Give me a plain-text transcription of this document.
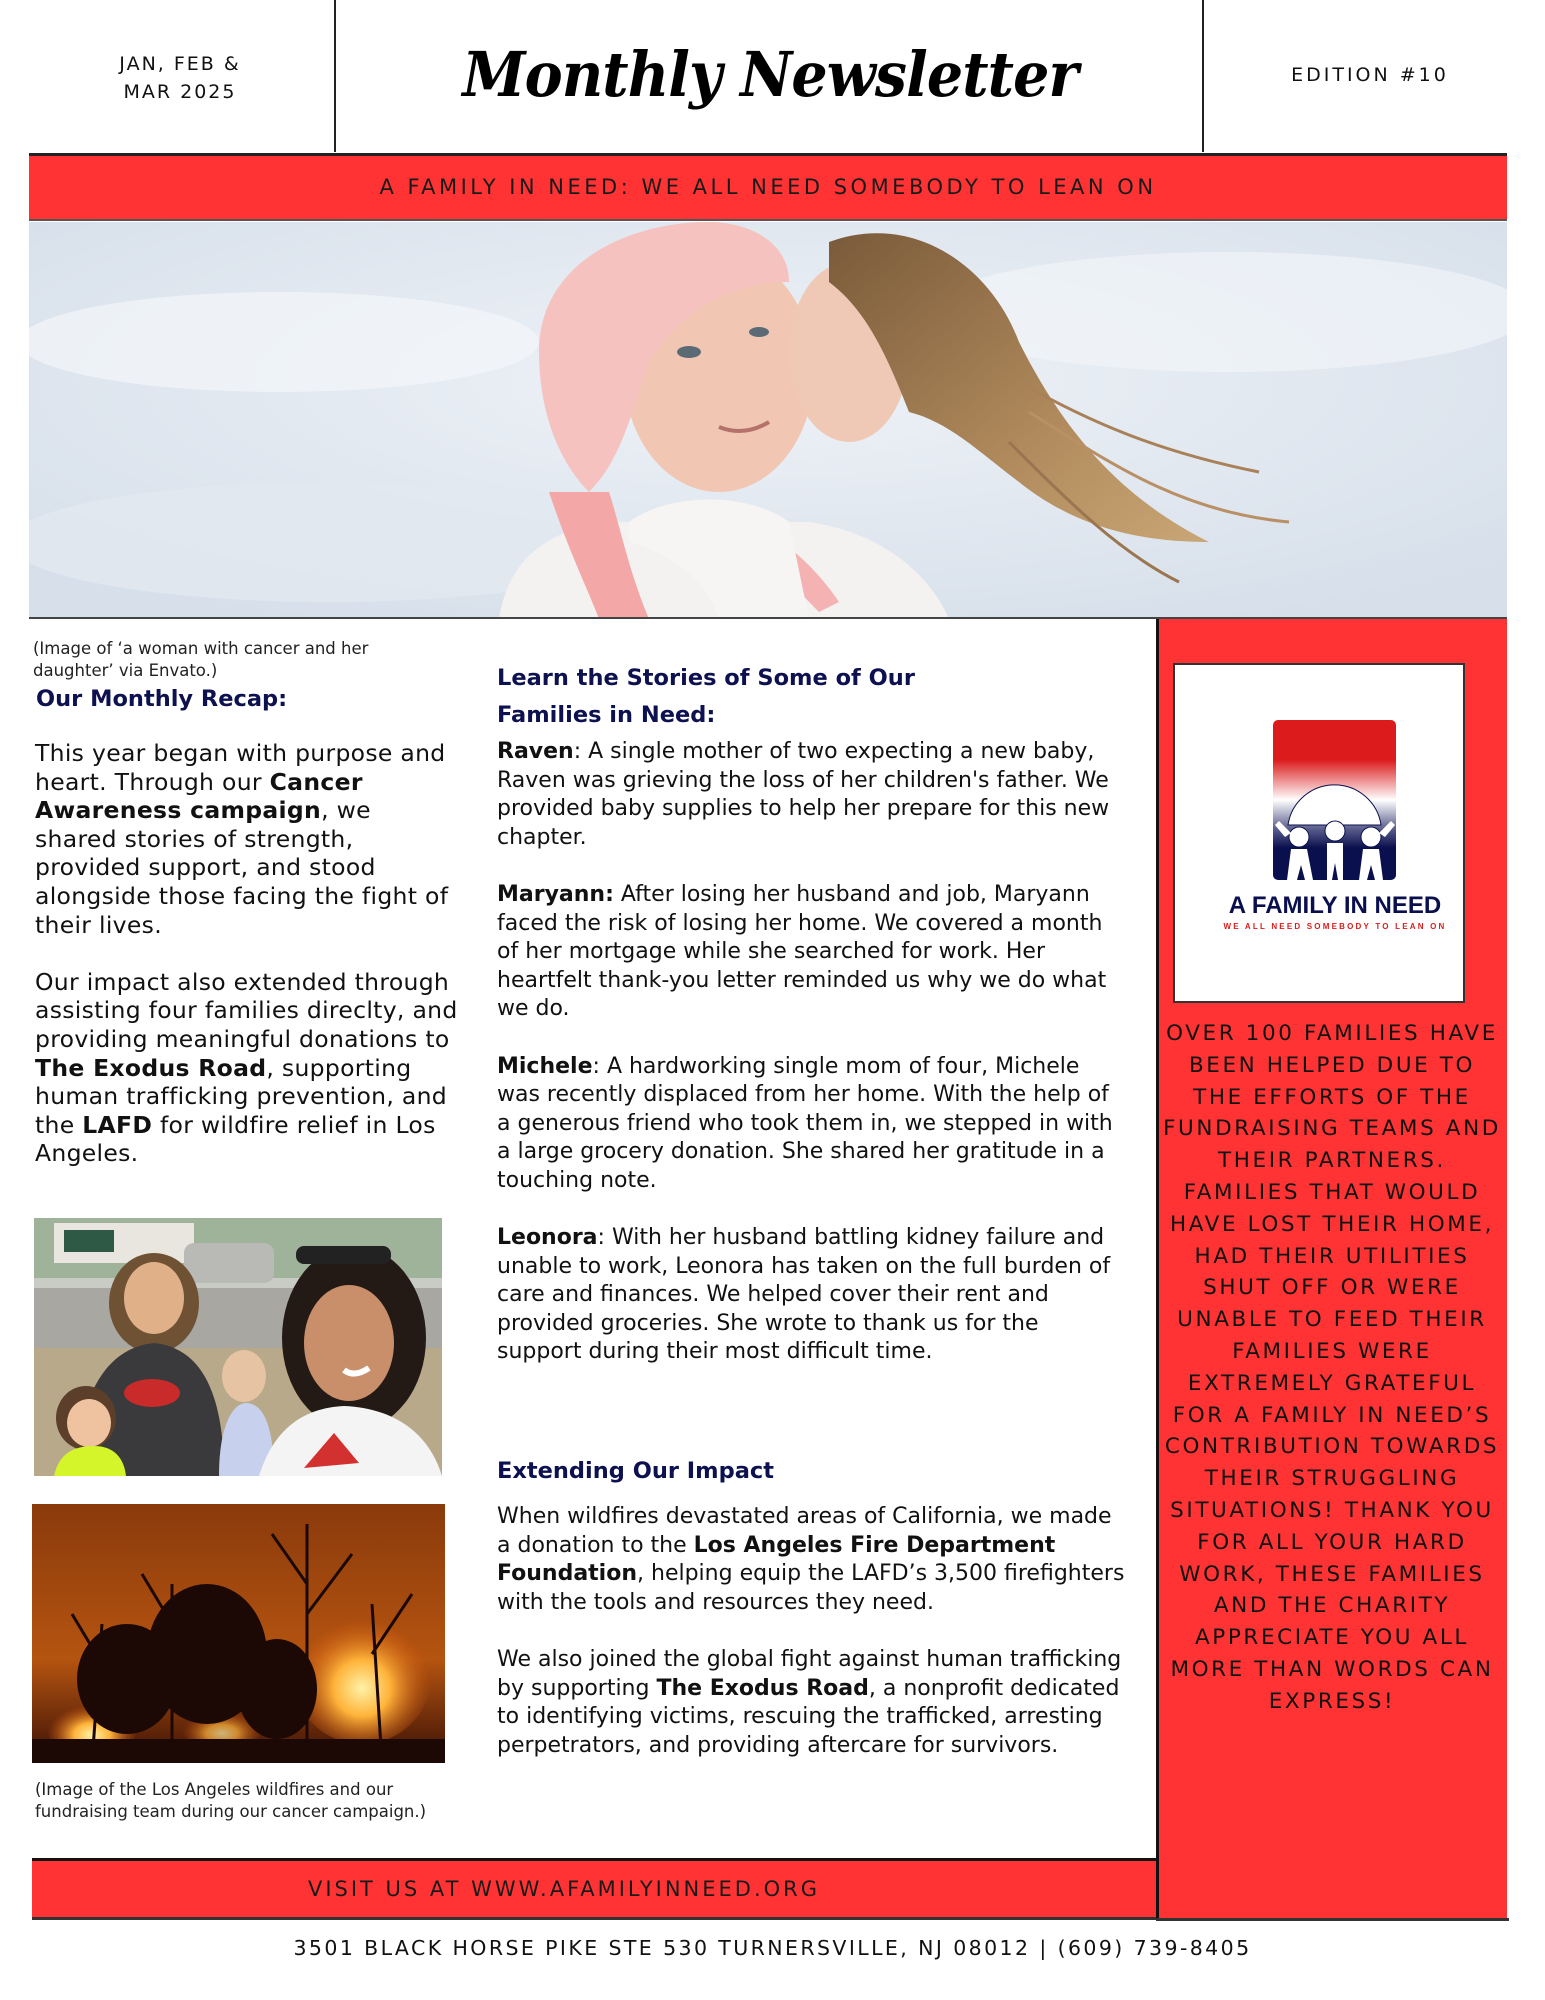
JAN, FEB &
MAR 2025	Monthly Newsletter	EDITION #10
A FAMILY IN NEED: WE ALL NEED SOMEBODY TO LEAN ON
(Image of ‘a woman with cancer and her daughter’ via Envato.)
Our Monthly Recap:

This year began with purpose and heart. Through our Cancer Awareness campaign, we shared stories of strength, provided support, and stood alongside those facing the fight of their lives.

Our impact also extended through assisting four families direclty, and providing meaningful donations to The Exodus Road, supporting human trafficking prevention, and the LAFD for wildfire relief in Los Angeles.

(Image of the Los Angeles wildfires and our fundraising team during our cancer campaign.)
Learn the Stories of Some of Our Families in Need:

Raven: A single mother of two expecting a new baby, Raven was grieving the loss of her children's father. We provided baby supplies to help her prepare for this new chapter.

Maryann: After losing her husband and job, Maryann faced the risk of losing her home. We covered a month of her mortgage while she searched for work. Her heartfelt thank-you letter reminded us why we do what we do.

Michele: A hardworking single mom of four, Michele was recently displaced from her home. With the help of a generous friend who took them in, we stepped in with a large grocery donation. She shared her gratitude in a touching note.

Leonora: With her husband battling kidney failure and unable to work, Leonora has taken on the full burden of care and finances. We helped cover their rent and provided groceries. She wrote to thank us for the support during their most difficult time.

Extending Our Impact

When wildfires devastated areas of California, we made a donation to the Los Angeles Fire Department Foundation, helping equip the LAFD’s 3,500 firefighters with the tools and resources they need.

We also joined the global fight against human trafficking by supporting The Exodus Road, a nonprofit dedicated to identifying victims, rescuing the trafficked, arresting perpetrators, and providing aftercare for survivors.

A FAMILY IN NEED
WE ALL NEED SOMEBODY TO LEAN ON
OVER 100 FAMILIES HAVE BEEN HELPED DUE TO THE EFFORTS OF THE FUNDRAISING TEAMS AND THEIR PARTNERS. FAMILIES THAT WOULD HAVE LOST THEIR HOME, HAD THEIR UTILITIES SHUT OFF OR WERE UNABLE TO FEED THEIR FAMILIES WERE EXTREMELY GRATEFUL FOR A FAMILY IN NEED’S CONTRIBUTION TOWARDS THEIR STRUGGLING SITUATIONS! THANK YOU FOR ALL YOUR HARD WORK, THESE FAMILIES AND THE CHARITY APPRECIATE YOU ALL MORE THAN WORDS CAN EXPRESS!
VISIT US AT WWW.AFAMILYINNEED.ORG
3501 BLACK HORSE PIKE STE 530 TURNERSVILLE, NJ 08012 | (609) 739-8405
